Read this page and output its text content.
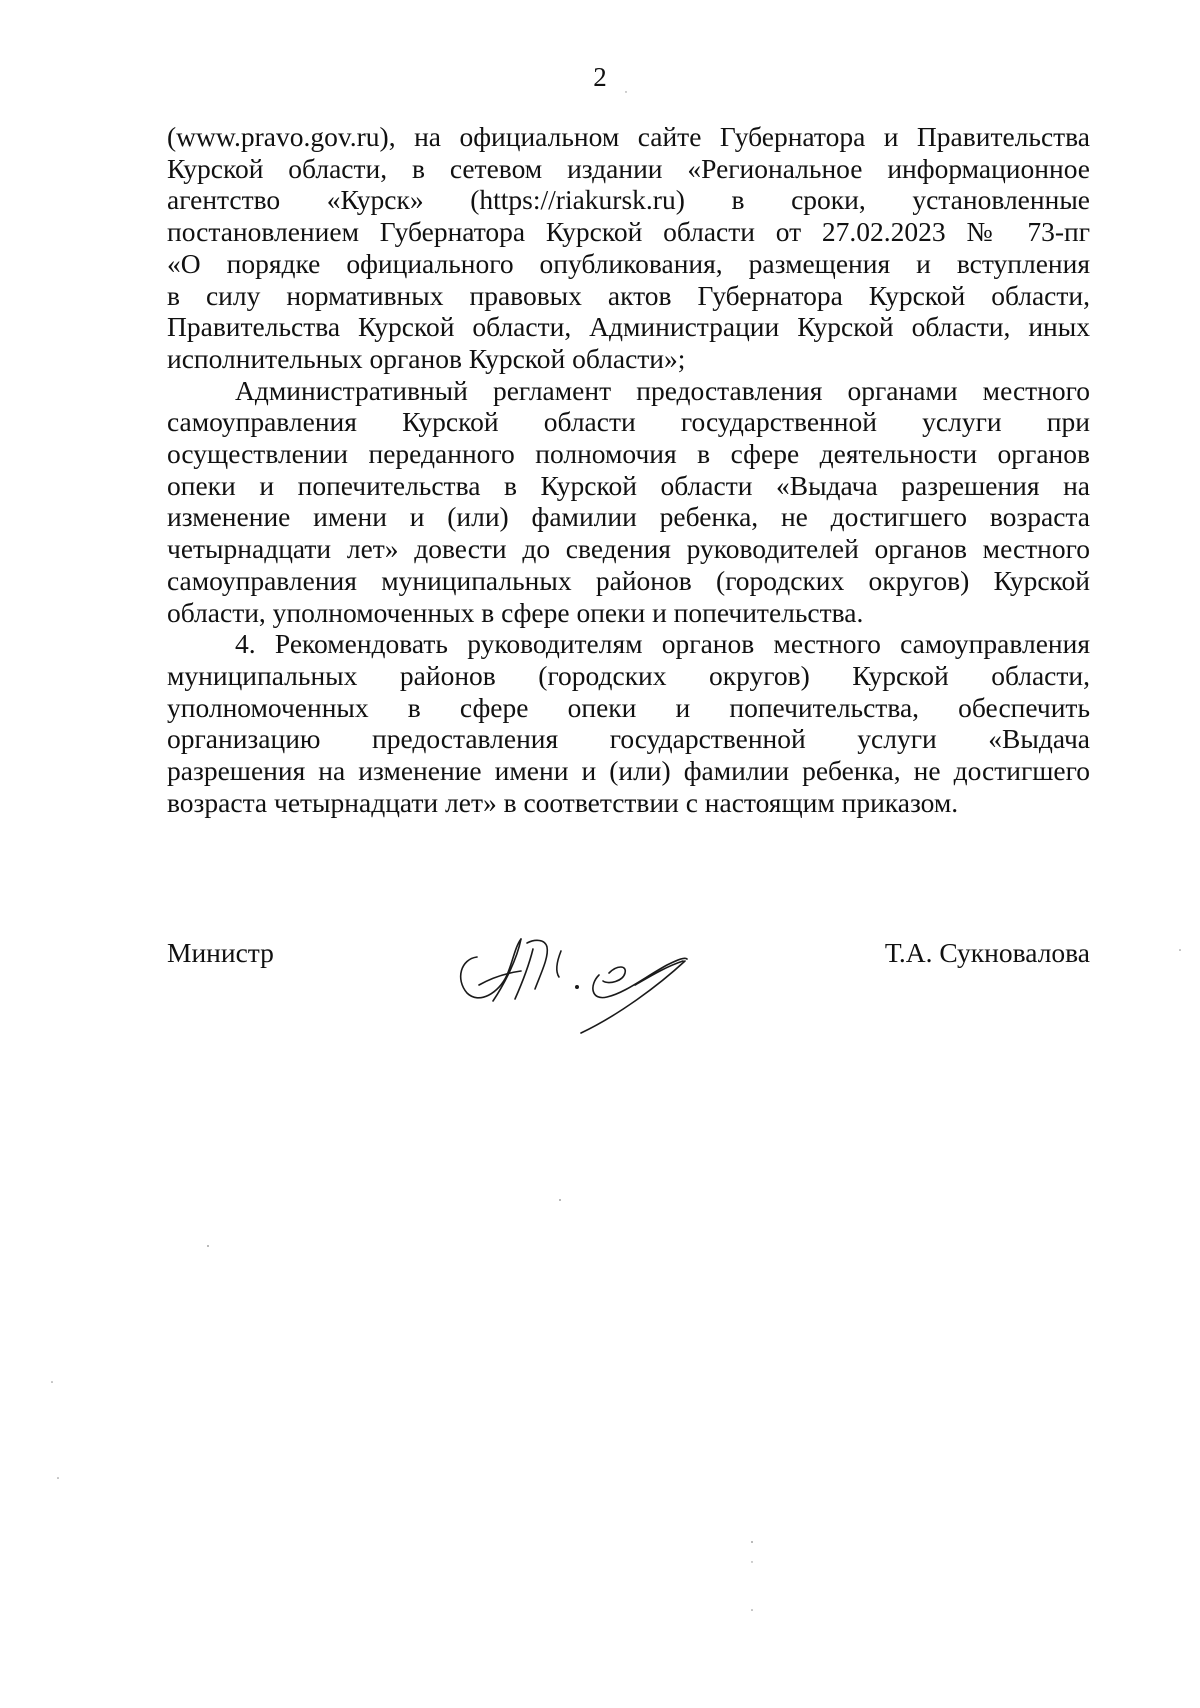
2
(www.pravo.gov.ru), на официальном сайте Губернатора и Правительства
Курской области, в сетевом издании «Региональное информационное
агентство «Курск» (https://riakursk.ru) в сроки, установленные
постановлением Губернатора Курской области от 27.02.2023 № 73-пг
«О порядке официального опубликования, размещения и вступления
в силу нормативных правовых актов Губернатора Курской области,
Правительства Курской области, Администрации Курской области, иных
исполнительных органов Курской области»;
Административный регламент предоставления органами местного
самоуправления Курской области государственной услуги при
осуществлении переданного полномочия в сфере деятельности органов
опеки и попечительства в Курской области «Выдача разрешения на
изменение имени и (или) фамилии ребенка, не достигшего возраста
четырнадцати лет» довести до сведения руководителей органов местного
самоуправления муниципальных районов (городских округов) Курской
области, уполномоченных в сфере опеки и попечительства.
4. Рекомендовать руководителям органов местного самоуправления
муниципальных районов (городских округов) Курской области,
уполномоченных в сфере опеки и попечительства, обеспечить
организацию предоставления государственной услуги «Выдача
разрешения на изменение имени и (или) фамилии ребенка, не достигшего
возраста четырнадцати лет» в соответствии с настоящим приказом.
Министр	Т.А. Сукновалова
